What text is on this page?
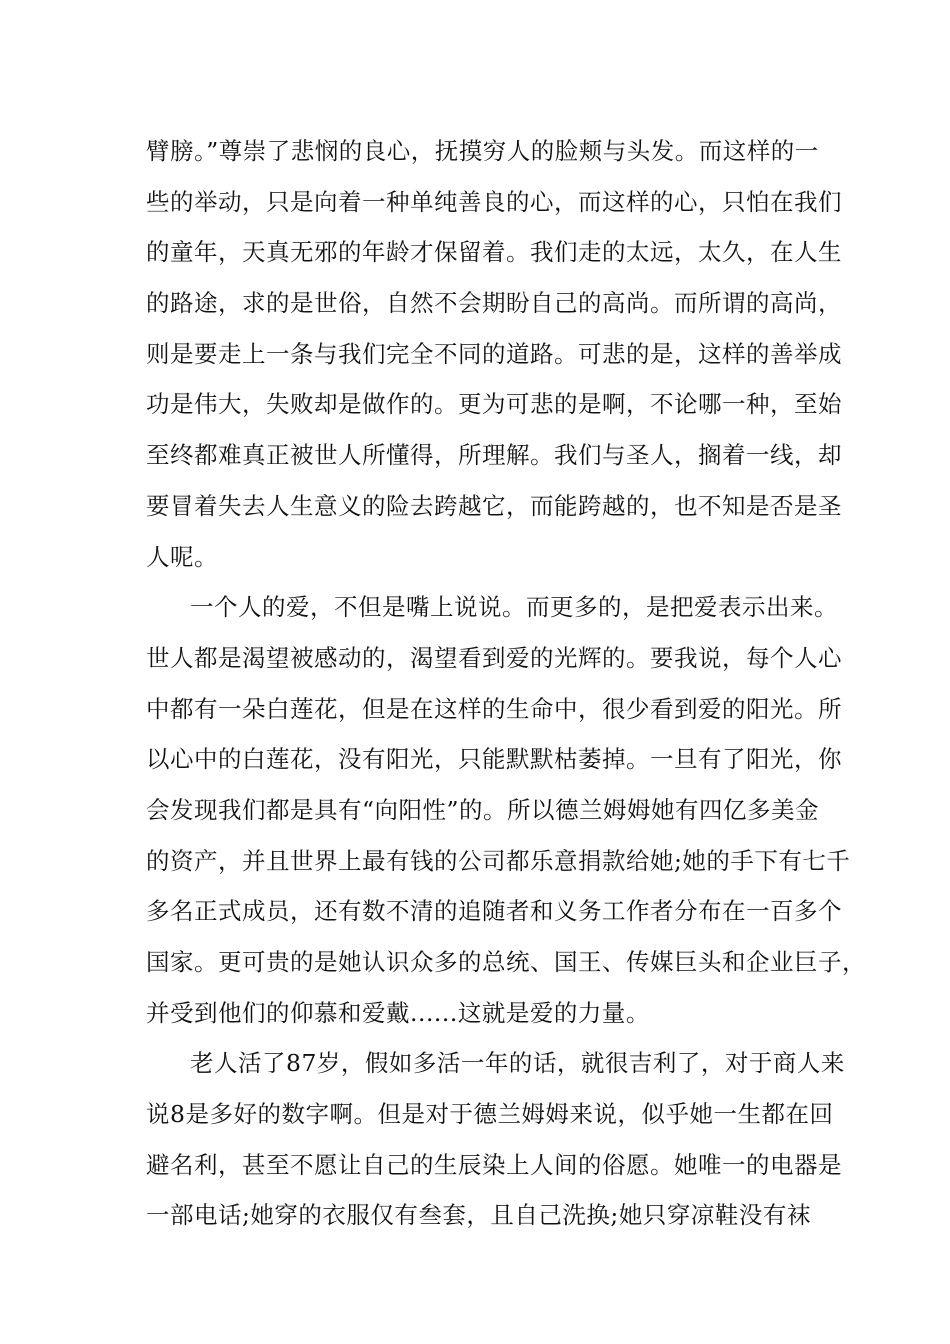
臂膀。”尊崇了悲悯的良心，抚摸穷人的脸颊与头发。而这样的一
些的举动，只是向着一种单纯善良的心，而这样的心，只怕在我们
的童年，天真无邪的年龄才保留着。我们走的太远，太久，在人生
的路途，求的是世俗，自然不会期盼自己的高尚。而所谓的高尚，
则是要走上一条与我们完全不同的道路。可悲的是，这样的善举成
功是伟大，失败却是做作的。更为可悲的是啊，不论哪一种，至始
至终都难真正被世人所懂得，所理解。我们与圣人，搁着一线，却
要冒着失去人生意义的险去跨越它，而能跨越的，也不知是否是圣
人呢。
一个人的爱，不但是嘴上说说。而更多的，是把爱表示出来。
世人都是渴望被感动的，渴望看到爱的光辉的。要我说，每个人心
中都有一朵白莲花，但是在这样的生命中，很少看到爱的阳光。所
以心中的白莲花，没有阳光，只能默默枯萎掉。一旦有了阳光，你
会发现我们都是具有“向阳性”的。所以德兰姆姆她有四亿多美金
的资产，并且世界上最有钱的公司都乐意捐款给她;她的手下有七千
多名正式成员，还有数不清的追随者和义务工作者分布在一百多个
国家。更可贵的是她认识众多的总统、国王、传媒巨头和企业巨子，
并受到他们的仰慕和爱戴......这就是爱的力量。
老人活了87岁，假如多活一年的话，就很吉利了，对于商人来
说8是多好的数字啊。但是对于德兰姆姆来说，似乎她一生都在回
避名利，甚至不愿让自己的生辰染上人间的俗愿。她唯一的电器是
一部电话;她穿的衣服仅有叁套，且自己洗换;她只穿凉鞋没有袜
